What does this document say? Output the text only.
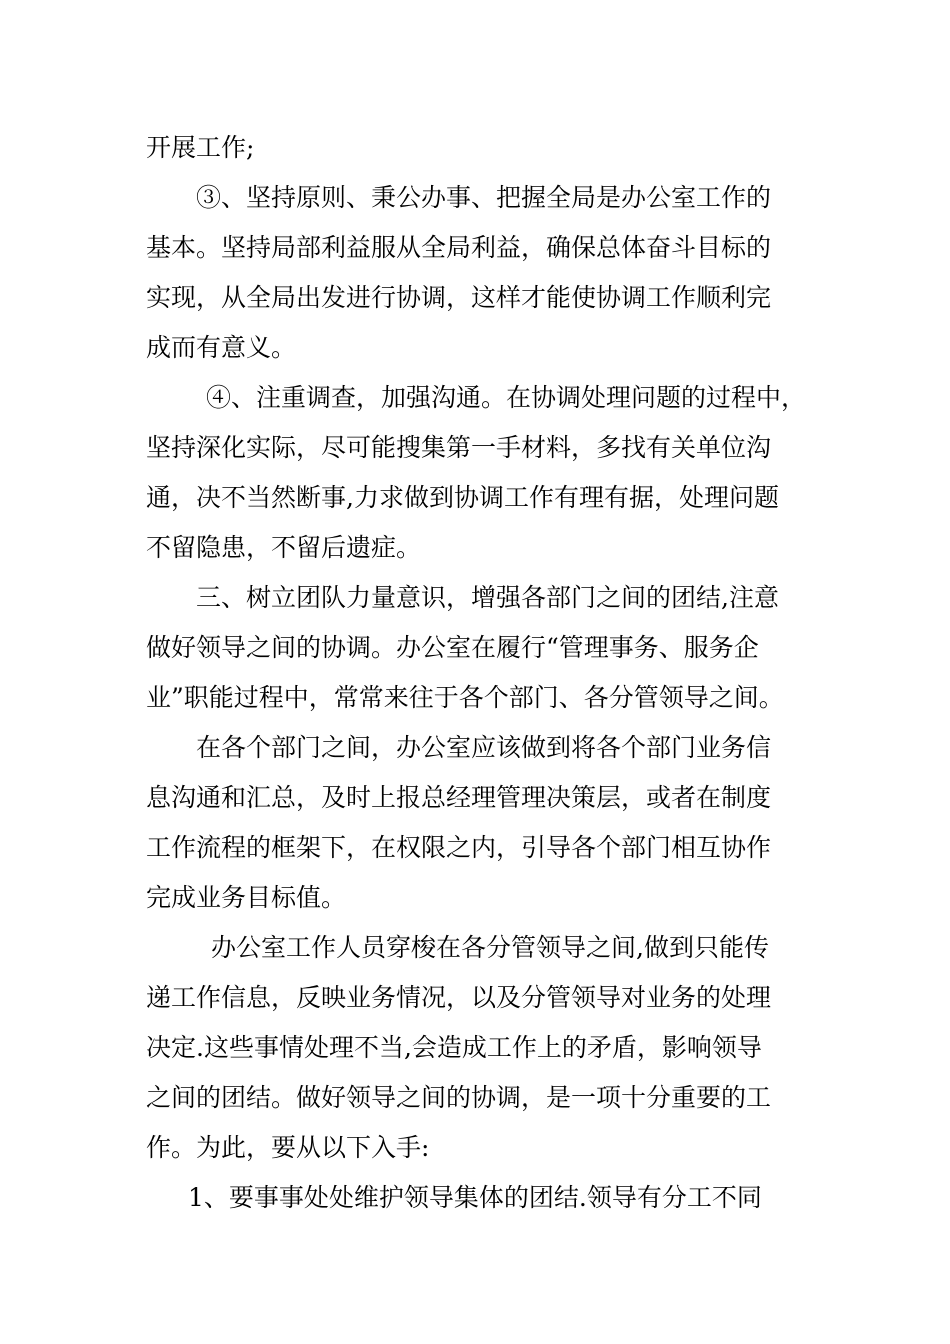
开展工作;
③、坚持原则、秉公办事、把握全局是办公室工作的
基本。坚持局部利益服从全局利益，确保总体奋斗目标的
实现，从全局出发进行协调，这样才能使协调工作顺利完
成而有意义。
④、注重调查，加强沟通。在协调处理问题的过程中，
坚持深化实际，尽可能搜集第一手材料，多找有关单位沟
通，决不当然断事,力求做到协调工作有理有据，处理问题
不留隐患，不留后遗症。
三、树立团队力量意识，增强各部门之间的团结,注意
做好领导之间的协调。办公室在履行“管理事务、服务企
业”职能过程中，常常来往于各个部门、各分管领导之间。
在各个部门之间，办公室应该做到将各个部门业务信
息沟通和汇总，及时上报总经理管理决策层，或者在制度
工作流程的框架下，在权限之内，引导各个部门相互协作
完成业务目标值。
办公室工作人员穿梭在各分管领导之间,做到只能传
递工作信息，反映业务情况，以及分管领导对业务的处理
决定.这些事情处理不当,会造成工作上的矛盾，影响领导
之间的团结。做好领导之间的协调，是一项十分重要的工
作。为此，要从以下入手:
1、要事事处处维护领导集体的团结.领导有分工不同
